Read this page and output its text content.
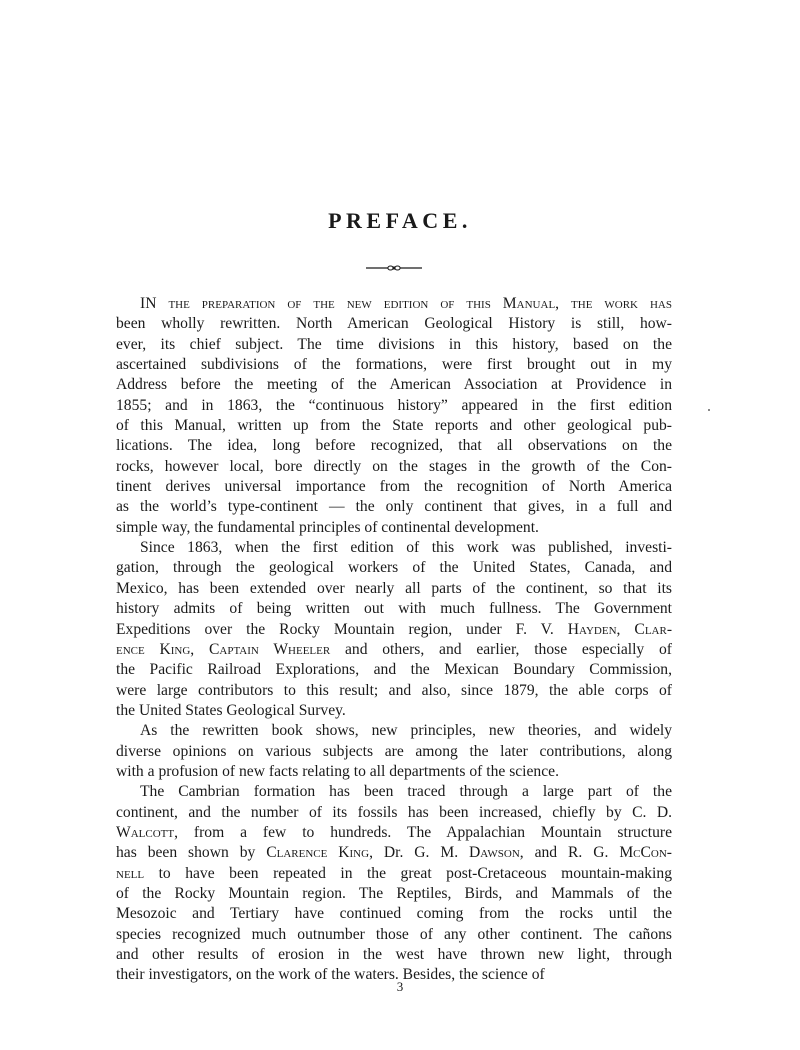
PREFACE.
IN the preparation of the new edition of this Manual, the work has
been wholly rewritten. North American Geological History is still, how-
ever, its chief subject. The time divisions in this history, based on the
ascertained subdivisions of the formations, were first brought out in my
Address before the meeting of the American Association at Providence in
1855; and in 1863, the “continuous history” appeared in the first edition
of this Manual, written up from the State reports and other geological pub-
lications. The idea, long before recognized, that all observations on the
rocks, however local, bore directly on the stages in the growth of the Con-
tinent derives universal importance from the recognition of North America
as the world’s type-continent — the only continent that gives, in a full and
simple way, the fundamental principles of continental development.
Since 1863, when the first edition of this work was published, investi-
gation, through the geological workers of the United States, Canada, and
Mexico, has been extended over nearly all parts of the continent, so that its
history admits of being written out with much fullness. The Government
Expeditions over the Rocky Mountain region, under F. V. Hayden, Clar-
ence King, Captain Wheeler and others, and earlier, those especially of
the Pacific Railroad Explorations, and the Mexican Boundary Commission,
were large contributors to this result; and also, since 1879, the able corps of
the United States Geological Survey.
As the rewritten book shows, new principles, new theories, and widely
diverse opinions on various subjects are among the later contributions, along
with a profusion of new facts relating to all departments of the science.
The Cambrian formation has been traced through a large part of the
continent, and the number of its fossils has been increased, chiefly by C. D.
Walcott, from a few to hundreds. The Appalachian Mountain structure
has been shown by Clarence King, Dr. G. M. Dawson, and R. G. McCon-
nell to have been repeated in the great post-Cretaceous mountain-making
of the Rocky Mountain region. The Reptiles, Birds, and Mammals of the
Mesozoic and Tertiary have continued coming from the rocks until the
species recognized much outnumber those of any other continent. The cañons
and other results of erosion in the west have thrown new light, through
their investigators, on the work of the waters. Besides, the science of
3
